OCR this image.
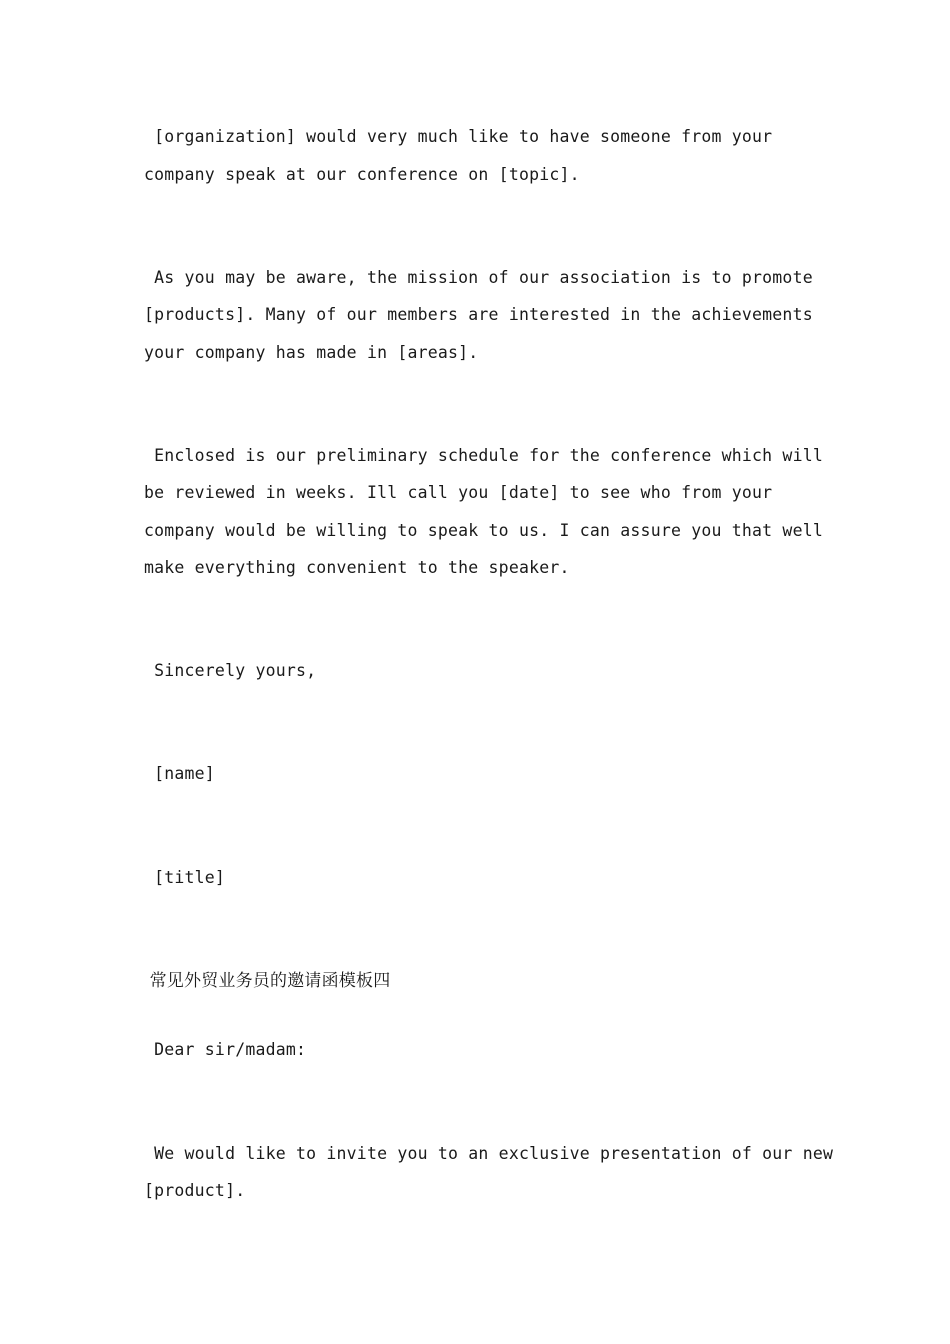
[organization] would very much like to have someone from your
company speak at our conference on [topic].
As you may be aware, the mission of our association is to promote
[products]. Many of our members are interested in the achievements
your company has made in [areas].
Enclosed is our preliminary schedule for the conference which will
be reviewed in weeks. Ill call you [date] to see who from your
company would be willing to speak to us. I can assure you that well
make everything convenient to the speaker.
Sincerely yours,
[name]
[title]
常见外贸业务员的邀请函模板四
Dear sir/madam:
We would like to invite you to an exclusive presentation of our new
[product].
